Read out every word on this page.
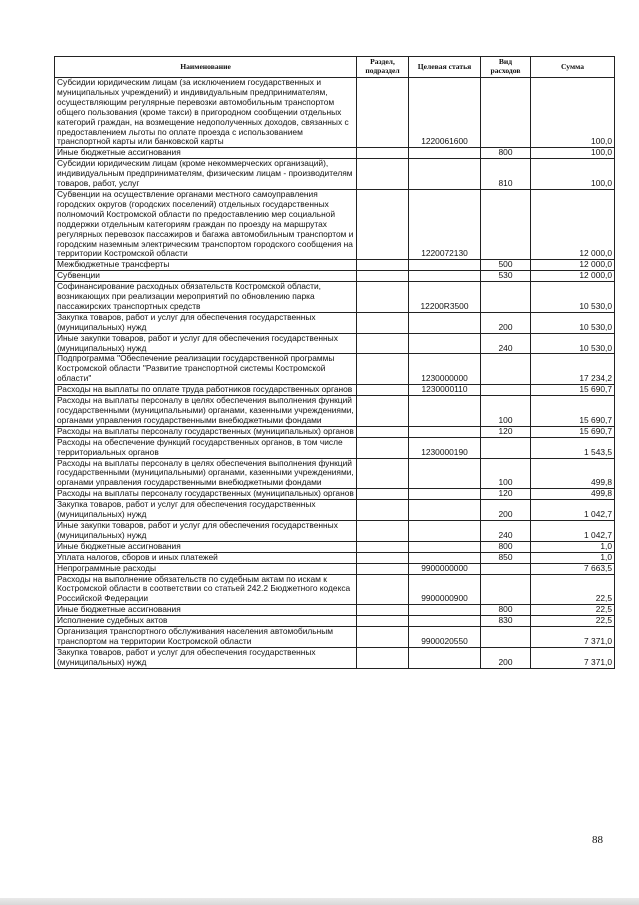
Наименование	Раздел, подраздел	Целевая статья	Вид расходов	Сумма
Субсидии юридическим лицам (за исключением государственных и муниципальных учреждений) и индивидуальным предпринимателям, осуществляющим регулярные перевозки автомобильным транспортом общего пользования (кроме такси) в пригородном сообщении отдельных категорий граждан, на возмещение недополученных доходов, связанных с предоставлением льготы по оплате проезда с использованием транспортной карты или банковской карты		1220061600		100,0
Иные бюджетные ассигнования			800	100,0
Субсидии юридическим лицам (кроме некоммерческих организаций), индивидуальным предпринимателям, физическим лицам - производителям товаров, работ, услуг			810	100,0
Субвенции на осуществление органами местного самоуправления городских округов (городских поселений) отдельных государственных полномочий Костромской области по предоставлению мер социальной поддержки отдельным категориям граждан по проезду на маршрутах регулярных перевозок пассажиров и багажа автомобильным транспортом и городским наземным электрическим транспортом городского сообщения на территории Костромской области		1220072130		12 000,0
Межбюджетные трансферты			500	12 000,0
Субвенции			530	12 000,0
Софинансирование расходных обязательств Костромской области, возникающих при реализации мероприятий по обновлению парка пассажирских транспортных средств		12200R3500		10 530,0
Закупка товаров, работ и услуг для обеспечения государственных (муниципальных) нужд			200	10 530,0
Иные закупки товаров, работ и услуг для обеспечения государственных (муниципальных) нужд			240	10 530,0
Подпрограмма "Обеспечение реализации государственной программы Костромской области "Развитие транспортной системы Костромской области"		1230000000		17 234,2
Расходы на выплаты по оплате труда работников государственных органов		1230000110		15 690,7
Расходы на выплаты персоналу в целях обеспечения выполнения функций государственными (муниципальными) органами, казенными учреждениями, органами управления государственными внебюджетными фондами			100	15 690,7
Расходы на выплаты персоналу государственных (муниципальных) органов			120	15 690,7
Расходы на обеспечение функций государственных органов, в том числе территориальных органов		1230000190		1 543,5
Расходы на выплаты персоналу в целях обеспечения выполнения функций государственными (муниципальными) органами, казенными учреждениями, органами управления государственными внебюджетными фондами			100	499,8
Расходы на выплаты персоналу государственных (муниципальных) органов			120	499,8
Закупка товаров, работ и услуг для обеспечения государственных (муниципальных) нужд			200	1 042,7
Иные закупки товаров, работ и услуг для обеспечения государственных (муниципальных) нужд			240	1 042,7
Иные бюджетные ассигнования			800	1,0
Уплата налогов, сборов и иных платежей			850	1,0
Непрограммные расходы		9900000000		7 663,5
Расходы на выполнение обязательств по судебным актам по искам к Костромской области в соответствии со статьей 242.2 Бюджетного кодекса Российской Федерации		9900000900		22,5
Иные бюджетные ассигнования			800	22,5
Исполнение судебных актов			830	22,5
Организация транспортного обслуживания населения автомобильным транспортом на территории Костромской области		9900020550		7 371,0
Закупка товаров, работ и услуг для обеспечения государственных (муниципальных) нужд			200	7 371,0
88
